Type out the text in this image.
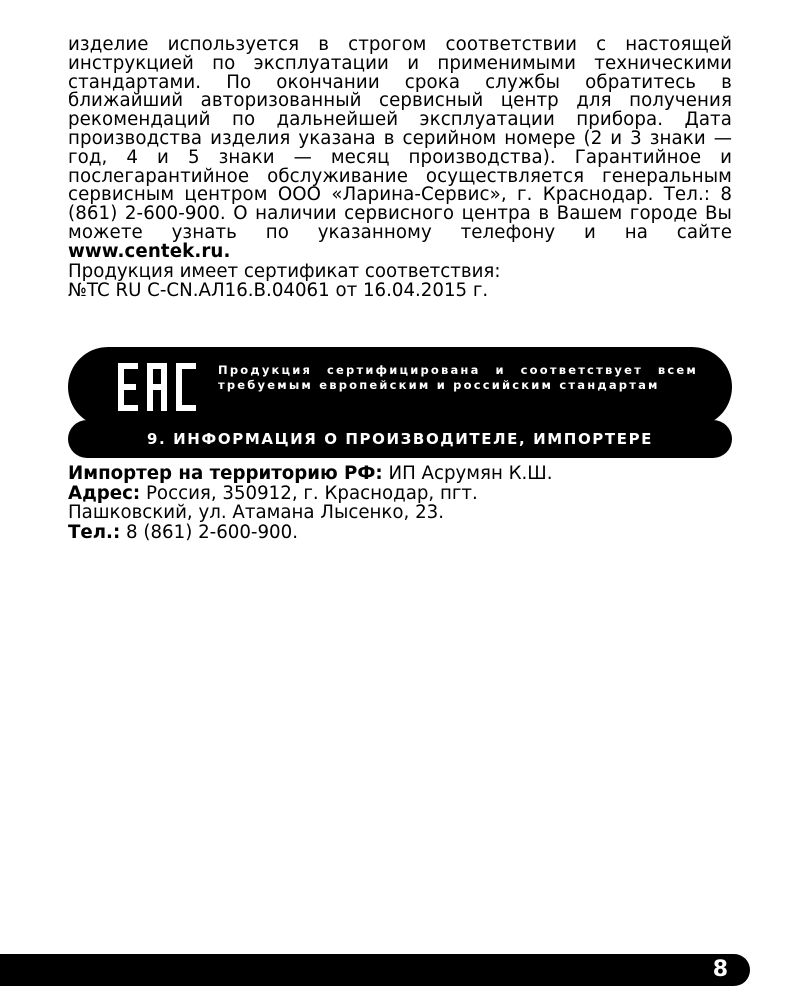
изделие используется в строгом соответствии с настоящей инструкцией по эксплуатации и применимыми техническими стандартами. По окончании срока службы обратитесь в ближайший авторизованный сервисный центр для получения рекомендаций по дальнейшей эксплуатации прибора. Дата производства изделия указана в серийном номере (2 и 3 знаки — год, 4 и 5 знаки — месяц производства). Гарантийное и послегарантийное обслуживание осуществляется генеральным сервисным центром ООО «Ларина-Сервис», г. Краснодар. Тел.: 8 (861) 2-600-900. О наличии сервисного центра в Вашем городе Вы можете узнать по указанному телефону и на сайте www.centek.ru.

Продукция имеет сертификат соответствия:

№TC RU C-CN.АЛ16.В.04061 от 16.04.2015 г.

Продукция сертифицирована и соответствует всем требуемым европейским и российским стандартам

9. ИНФОРМАЦИЯ О ПРОИЗВОДИТЕЛЕ, ИМПОРТЕРЕ

Импортер на территорию РФ: ИП Асрумян К.Ш.

Адрес: Россия, 350912, г. Краснодар, пгт.

Пашковский, ул. Атамана Лысенко, 23.

Тел.: 8 (861) 2-600-900.

8
